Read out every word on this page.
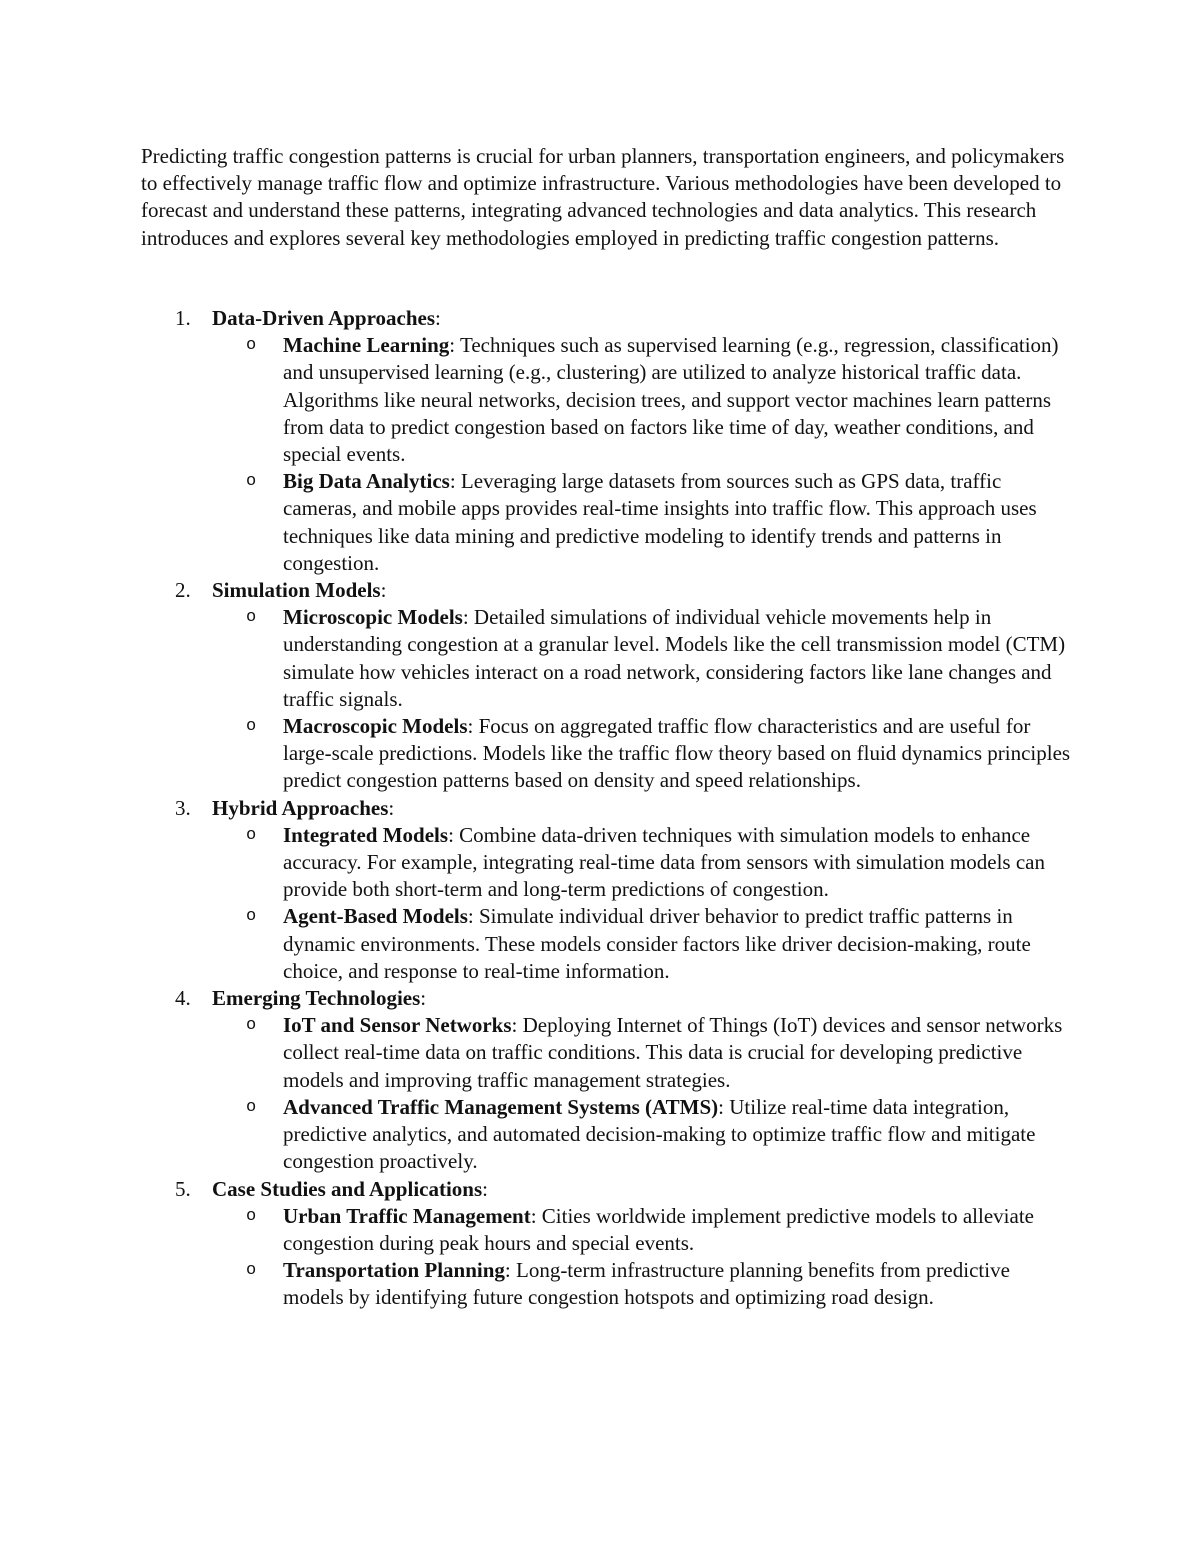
Predicting traffic congestion patterns is crucial for urban planners, transportation engineers, and policymakers to effectively manage traffic flow and optimize infrastructure. Various methodologies have been developed to forecast and understand these patterns, integrating advanced technologies and data analytics. This research introduces and explores several key methodologies employed in predicting traffic congestion patterns.

1. Data-Driven Approaches:
o Machine Learning: Techniques such as supervised learning (e.g., regression, classification) and unsupervised learning (e.g., clustering) are utilized to analyze historical traffic data. Algorithms like neural networks, decision trees, and support vector machines learn patterns from data to predict congestion based on factors like time of day, weather conditions, and special events.
o Big Data Analytics: Leveraging large datasets from sources such as GPS data, traffic cameras, and mobile apps provides real-time insights into traffic flow. This approach uses techniques like data mining and predictive modeling to identify trends and patterns in congestion.
2. Simulation Models:
o Microscopic Models: Detailed simulations of individual vehicle movements help in understanding congestion at a granular level. Models like the cell transmission model (CTM) simulate how vehicles interact on a road network, considering factors like lane changes and traffic signals.
o Macroscopic Models: Focus on aggregated traffic flow characteristics and are useful for large-scale predictions. Models like the traffic flow theory based on fluid dynamics principles predict congestion patterns based on density and speed relationships.
3. Hybrid Approaches:
o Integrated Models: Combine data-driven techniques with simulation models to enhance accuracy. For example, integrating real-time data from sensors with simulation models can provide both short-term and long-term predictions of congestion.
o Agent-Based Models: Simulate individual driver behavior to predict traffic patterns in dynamic environments. These models consider factors like driver decision-making, route choice, and response to real-time information.
4. Emerging Technologies:
o IoT and Sensor Networks: Deploying Internet of Things (IoT) devices and sensor networks collect real-time data on traffic conditions. This data is crucial for developing predictive models and improving traffic management strategies.
o Advanced Traffic Management Systems (ATMS): Utilize real-time data integration, predictive analytics, and automated decision-making to optimize traffic flow and mitigate congestion proactively.
5. Case Studies and Applications:
o Urban Traffic Management: Cities worldwide implement predictive models to alleviate congestion during peak hours and special events.
o Transportation Planning: Long-term infrastructure planning benefits from predictive models by identifying future congestion hotspots and optimizing road design.
